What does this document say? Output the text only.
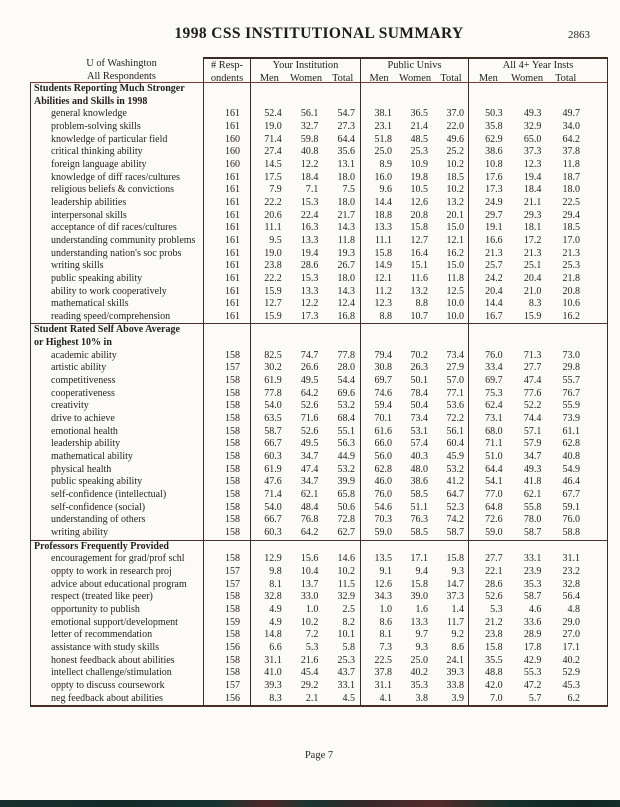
1998 CSS INSTITUTIONAL SUMMARY	2863
U of Washington
All Respondents
# Resp-
ondents
Your Institution
Men	Women Total
Public Univs
Men	Women Total
All 4+ Year Insts
Men	Women	Total
Students Reporting Much Stronger
Abilities and Skills in 1998
general knowledge	161	52.4	56.1	54.7	38.1	36.5	37.0	50.3	49.3	49.7
problem-solving skills	161	19.0	32.7	27.3	23.1	21.4	22.0	35.8	32.9	34.0
knowledge of particular field	160	71.4	59.8	64.4	51.8	48.5	49.6	62.9	65.0	64.2
critical thinking ability	160	27.4	40.8	35.6	25.0	25.3	25.2	38.6	37.3	37.8
foreign language ability	160	14.5	12.2	13.1	8.9	10.9	10.2	10.8	12.3	11.8
knowledge of diff races/cultures	161	17.5	18.4	18.0	16.0	19.8	18.5	17.6	19.4	18.7
religious beliefs & convictions	161	7.9	7.1	7.5	9.6	10.5	10.2	17.3	18.4	18.0
leadership abilities	161	22.2	15.3	18.0	14.4	12.6	13.2	24.9	21.1	22.5
interpersonal skills	161	20.6	22.4	21.7	18.8	20.8	20.1	29.7	29.3	29.4
acceptance of dif races/cultures	161	11.1	16.3	14.3	13.3	15.8	15.0	19.1	18.1	18.5
understanding community problems	161	9.5	13.3	11.8	11.1	12.7	12.1	16.6	17.2	17.0
understanding nation's soc probs	161	19.0	19.4	19.3	15.8	16.4	16.2	21.3	21.3	21.3
writing skills	161	23.8	28.6	26.7	14.9	15.1	15.0	25.7	25.1	25.3
public speaking ability	161	22.2	15.3	18.0	12.1	11.6	11.8	24.2	20.4	21.8
ability to work cooperatively	161	15.9	13.3	14.3	11.2	13.2	12.5	20.4	21.0	20.8
mathematical skills	161	12.7	12.2	12.4	12.3	8.8	10.0	14.4	8.3	10.6
reading speed/comprehension	161	15.9	17.3	16.8	8.8	10.7	10.0	16.7	15.9	16.2
Student Rated Self Above Average
or Highest 10% in
academic ability	158	82.5	74.7	77.8	79.4	70.2	73.4	76.0	71.3	73.0
artistic ability	157	30.2	26.6	28.0	30.8	26.3	27.9	33.4	27.7	29.8
competitiveness	158	61.9	49.5	54.4	69.7	50.1	57.0	69.7	47.4	55.7
cooperativeness	158	77.8	64.2	69.6	74.6	78.4	77.1	75.3	77.6	76.7
creativity	158	54.0	52.6	53.2	59.4	50.4	53.6	62.4	52.2	55.9
drive to achieve	158	63.5	71.6	68.4	70.1	73.4	72.2	73.1	74.4	73.9
emotional health	158	58.7	52.6	55.1	61.6	53.1	56.1	68.0	57.1	61.1
leadership ability	158	66.7	49.5	56.3	66.0	57.4	60.4	71.1	57.9	62.8
mathematical ability	158	60.3	34.7	44.9	56.0	40.3	45.9	51.0	34.7	40.8
physical health	158	61.9	47.4	53.2	62.8	48.0	53.2	64.4	49.3	54.9
public speaking ability	158	47.6	34.7	39.9	46.0	38.6	41.2	54.1	41.8	46.4
self-confidence (intellectual)	158	71.4	62.1	65.8	76.0	58.5	64.7	77.0	62.1	67.7
self-confidence (social)	158	54.0	48.4	50.6	54.6	51.1	52.3	64.8	55.8	59.1
understanding of others	158	66.7	76.8	72.8	70.3	76.3	74.2	72.6	78.0	76.0
writing ability	158	60.3	64.2	62.7	59.0	58.5	58.7	59.0	58.7	58.8
Professors Frequently Provided
encouragement for grad/prof schl	158	12.9	15.6	14.6	13.5	17.1	15.8	27.7	33.1	31.1
oppty to work in research proj	157	9.8	10.4	10.2	9.1	9.4	9.3	22.1	23.9	23.2
advice about educational program	157	8.1	13.7	11.5	12.6	15.8	14.7	28.6	35.3	32.8
respect (treated like peer)	158	32.8	33.0	32.9	34.3	39.0	37.3	52.6	58.7	56.4
opportunity to publish	158	4.9	1.0	2.5	1.0	1.6	1.4	5.3	4.6	4.8
emotional support/development	159	4.9	10.2	8.2	8.6	13.3	11.7	21.2	33.6	29.0
letter of recommendation	158	14.8	7.2	10.1	8.1	9.7	9.2	23.8	28.9	27.0
assistance with study skills	156	6.6	5.3	5.8	7.3	9.3	8.6	15.8	17.8	17.1
honest feedback about abilities	158	31.1	21.6	25.3	22.5	25.0	24.1	35.5	42.9	40.2
intellect challenge/stimulation	158	41.0	45.4	43.7	37.8	40.2	39.3	48.8	55.3	52.9
oppty to discuss coursework	157	39.3	29.2	33.1	31.1	35.3	33.8	42.0	47.2	45.3
neg feedback about abilities	156	8.3	2.1	4.5	4.1	3.8	3.9	7.0	5.7	6.2
Page 7
